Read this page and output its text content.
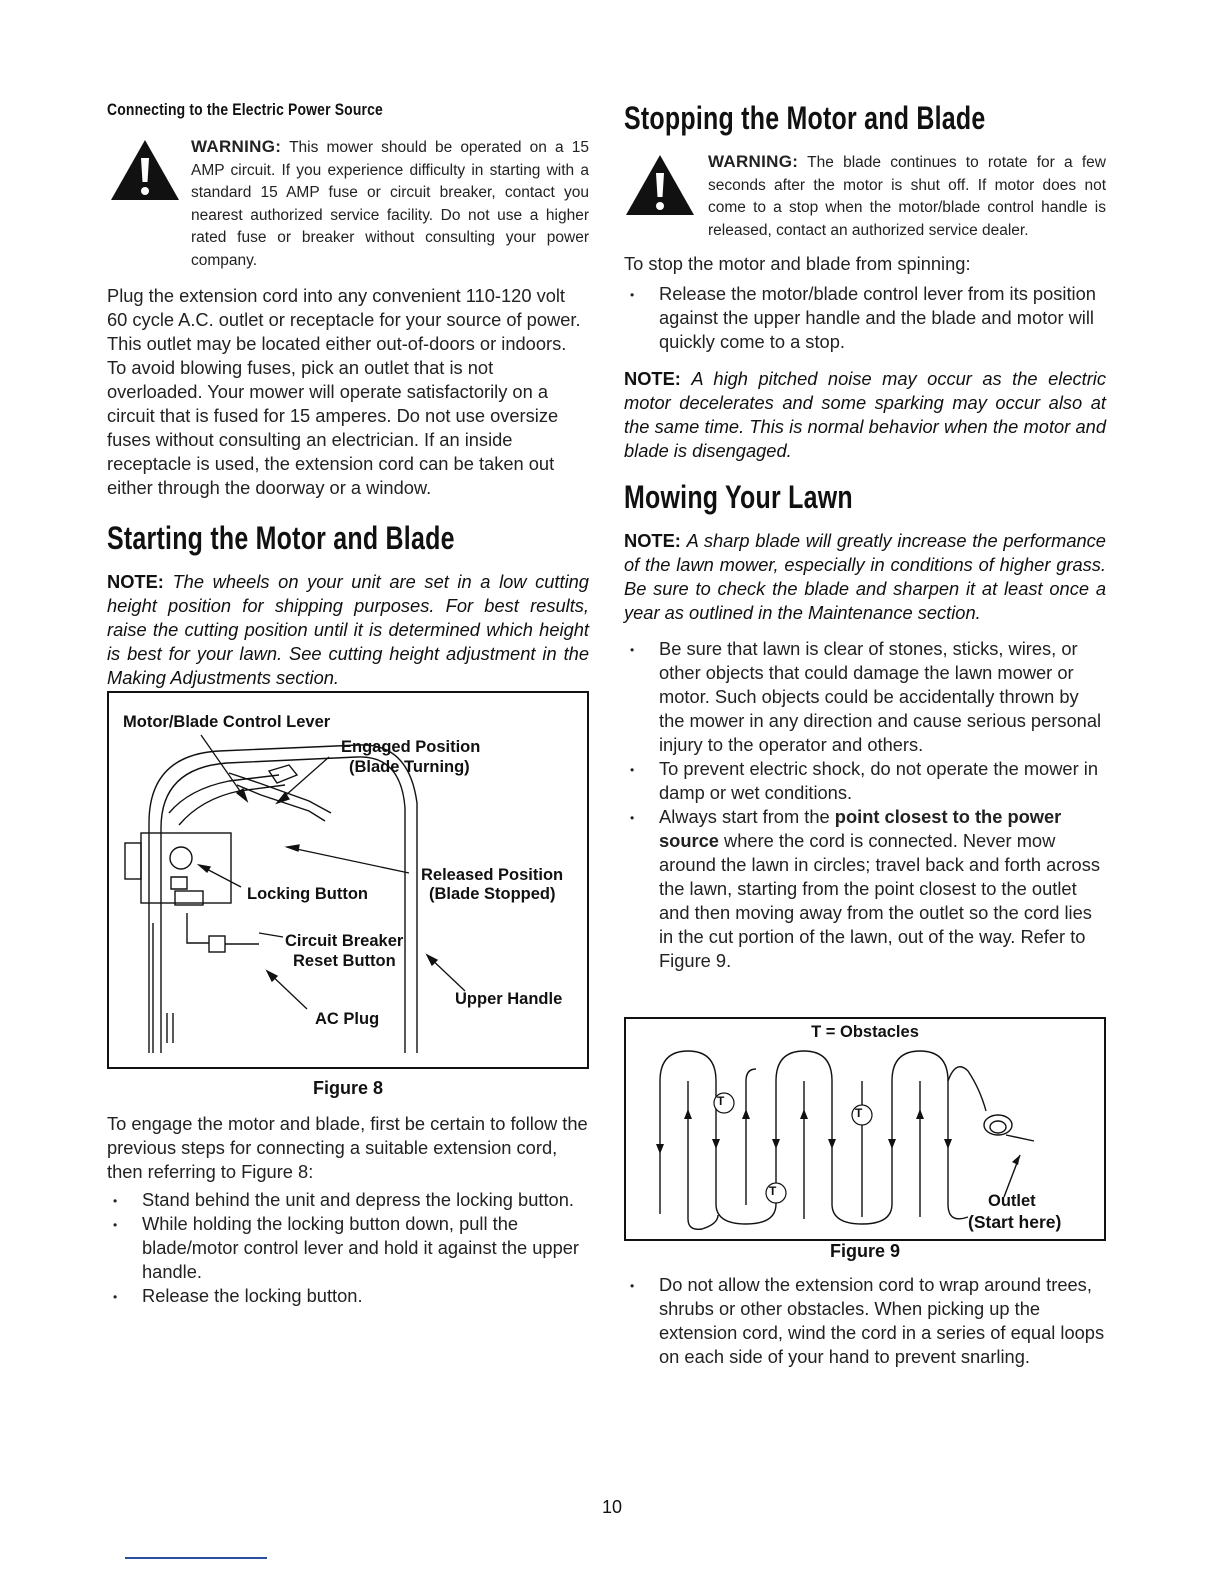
Connecting to the Electric Power Source

WARNING: This mower should be operated on a 15 AMP circuit. If you experience difficulty in starting with a standard 15 AMP fuse or circuit breaker, contact you nearest authorized service facility. Do not use a higher rated fuse or breaker without consulting your power company.

Plug the extension cord into any convenient 110-120 volt 60 cycle A.C. outlet or receptacle for your source of power. This outlet may be located either out-of-doors or indoors. To avoid blowing fuses, pick an outlet that is not overloaded. Your mower will operate satisfactorily on a circuit that is fused for 15 amperes. Do not use oversize fuses without consulting an electrician. If an inside receptacle is used, the extension cord can be taken out either through the doorway or a window.

Starting the Motor and Blade

NOTE: The wheels on your unit are set in a low cutting height position for shipping purposes. For best results, raise the cutting position until it is determined which height is best for your lawn. See cutting height adjustment in the Making Adjustments section.

Motor/Blade Control Lever
Engaged Position
(Blade Turning)
Released Position
(Blade Stopped)
Locking Button
Circuit Breaker
Reset Button
Upper Handle
AC Plug
Figure 8

To engage the motor and blade, first be certain to follow the previous steps for connecting a suitable extension cord, then referring to Figure 8:

• Stand behind the unit and depress the locking button.
• While holding the locking button down, pull the blade/motor control lever and hold it against the upper handle.
• Release the locking button.
Stopping the Motor and Blade

WARNING: The blade continues to rotate for a few seconds after the motor is shut off. If motor does not come to a stop when the motor/blade control handle is released, contact an authorized service dealer.

To stop the motor and blade from spinning:

• Release the motor/blade control lever from its position against the upper handle and the blade and motor will quickly come to a stop.

NOTE: A high pitched noise may occur as the electric motor decelerates and some sparking may occur also at the same time. This is normal behavior when the motor and blade is disengaged.

Mowing Your Lawn

NOTE: A sharp blade will greatly increase the performance of the lawn mower, especially in conditions of higher grass. Be sure to check the blade and sharpen it at least once a year as outlined in the Maintenance section.

• Be sure that lawn is clear of stones, sticks, wires, or other objects that could damage the lawn mower or motor. Such objects could be accidentally thrown by the mower in any direction and cause serious personal injury to the operator and others.
• To prevent electric shock, do not operate the mower in damp or wet conditions.
• Always start from the point closest to the power source where the cord is connected. Never mow around the lawn in circles; travel back and forth across the lawn, starting from the point closest to the outlet and then moving away from the outlet so the cord lies in the cut portion of the lawn, out of the way. Refer to Figure 9.
T = Obstacles
T
T
T
Outlet
(Start here)
Figure 9
• Do not allow the extension cord to wrap around trees, shrubs or other obstacles. When picking up the extension cord, wind the cord in a series of equal loops on each side of your hand to prevent snarling.
10
